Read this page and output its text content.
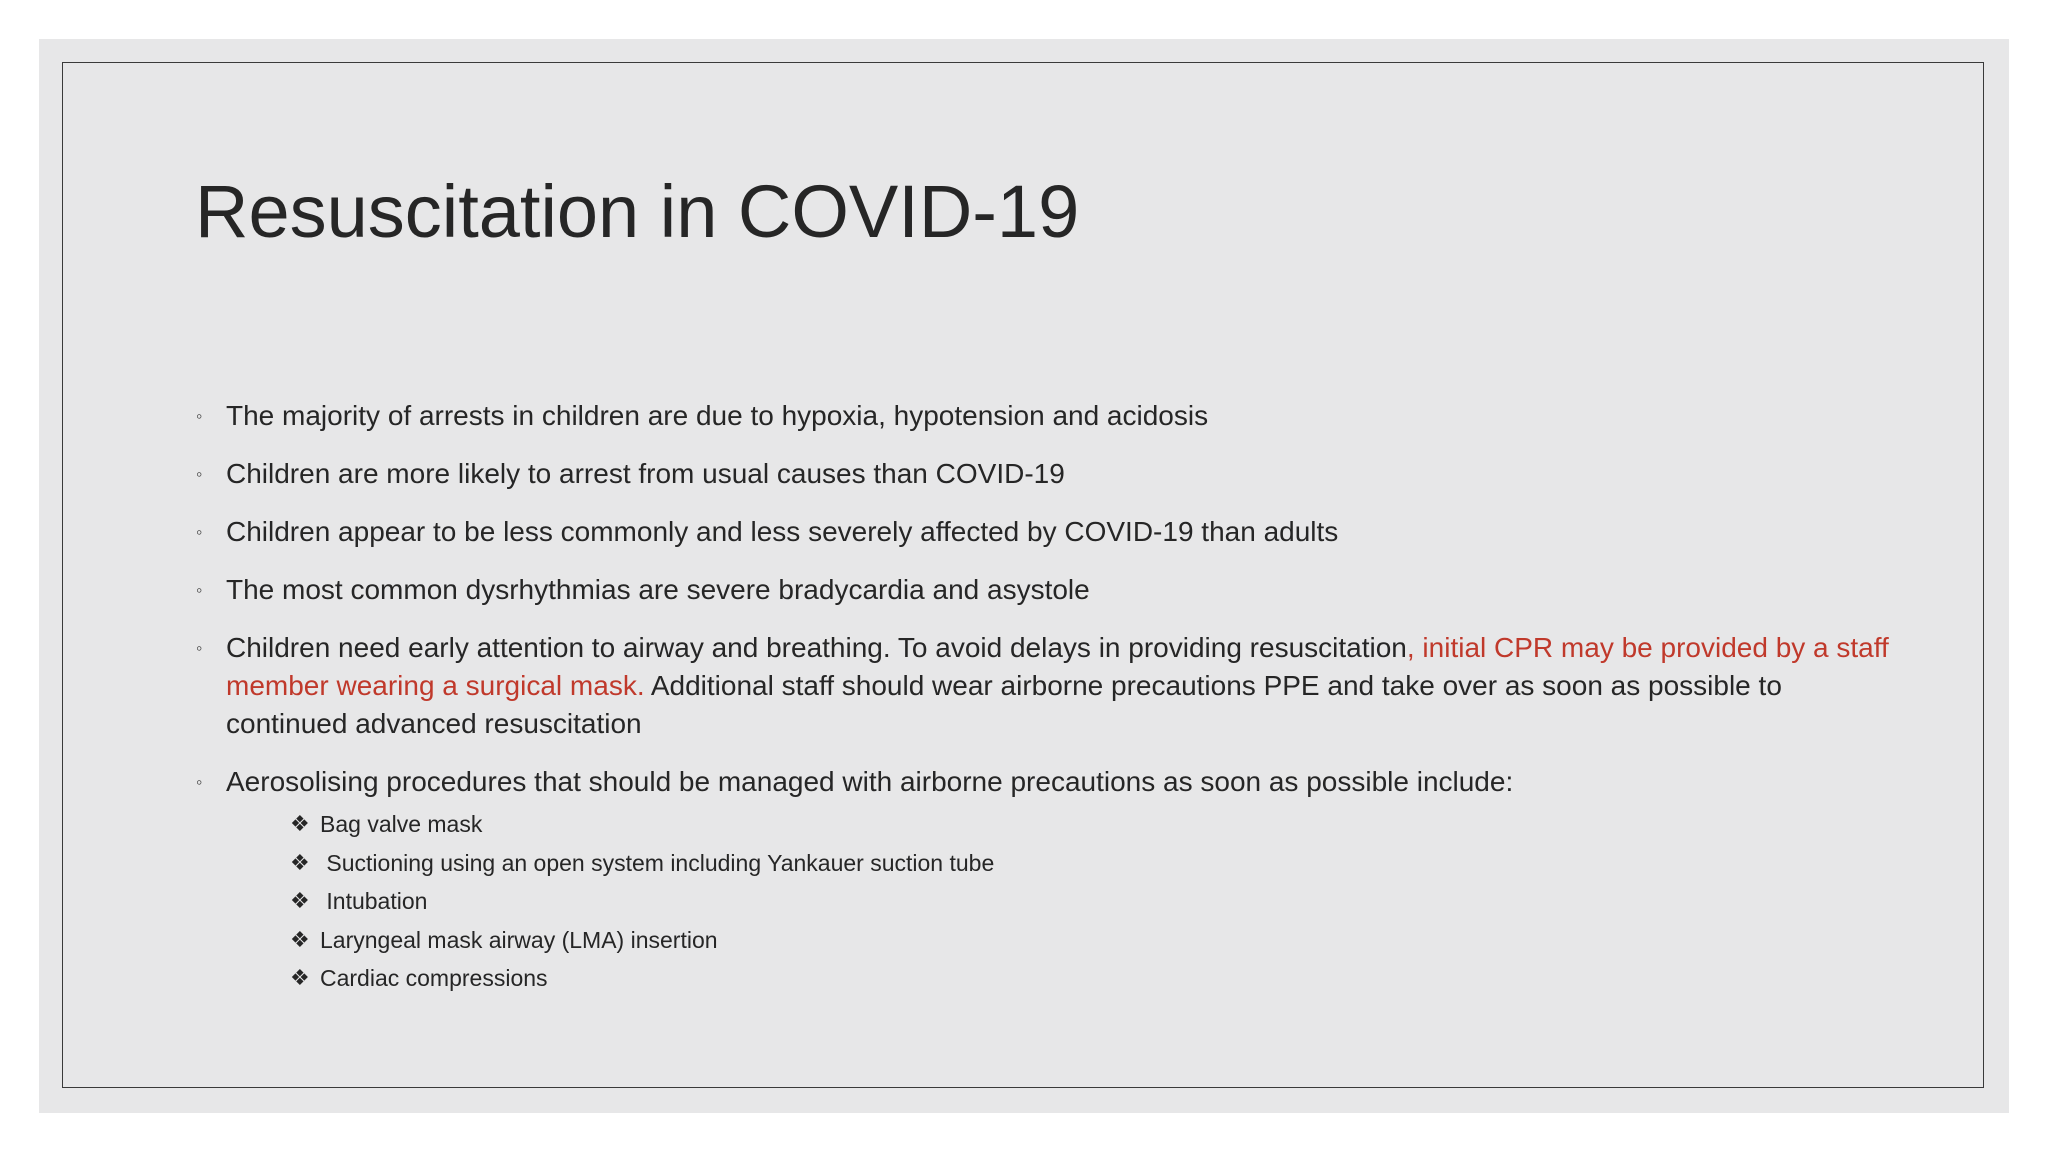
Resuscitation in COVID-19
◦ The majority of arrests in children are due to hypoxia, hypotension and acidosis
◦ Children are more likely to arrest from usual causes than COVID-19
◦ Children appear to be less commonly and less severely affected by COVID-19 than adults
◦ The most common dysrhythmias are severe bradycardia and asystole
◦ Children need early attention to airway and breathing. To avoid delays in providing resuscitation, initial CPR may be provided by a staff member wearing a surgical mask. Additional staff should wear airborne precautions PPE and take over as soon as possible to continued advanced resuscitation
◦ Aerosolising procedures that should be managed with airborne precautions as soon as possible include:
❖ Bag valve mask
❖ Suctioning using an open system including Yankauer suction tube
❖ Intubation
❖ Laryngeal mask airway (LMA) insertion
❖ Cardiac compressions
